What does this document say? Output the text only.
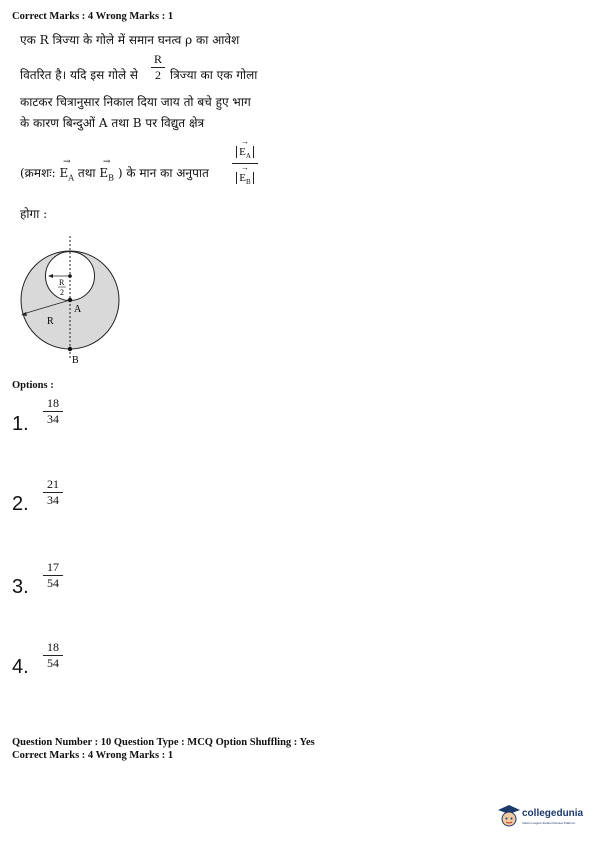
Correct Marks : 4 Wrong Marks : 1
एक R त्रिज्या के गोले में समान घनत्व ρ का आवेश
वितरित है। यदि इस गोले से $\frac{R}{2}$ त्रिज्या का एक गोला
काटकर चित्रानुसार निकाल दिया जाय तो बचे हुए भाग
के कारण बिन्दुओं A तथा B पर विद्युत क्षेत्र
(क्रमशः:
→
$E_A$ तथा
→
$E_B$ ) के मान का अनुपात
→
$E_A$
→
$E_B$
होगा :
R
2
A
R
B
Options :
1. $\frac{18}{34}$
2. $\frac{21}{34}$
3. $\frac{17}{54}$
4. $\frac{18}{54}$
Question Number : 10 Question Type : MCQ Option Shuffling : Yes
Correct Marks : 4 Wrong Marks : 1
collegedunia
India's Largest Student Review Platform
